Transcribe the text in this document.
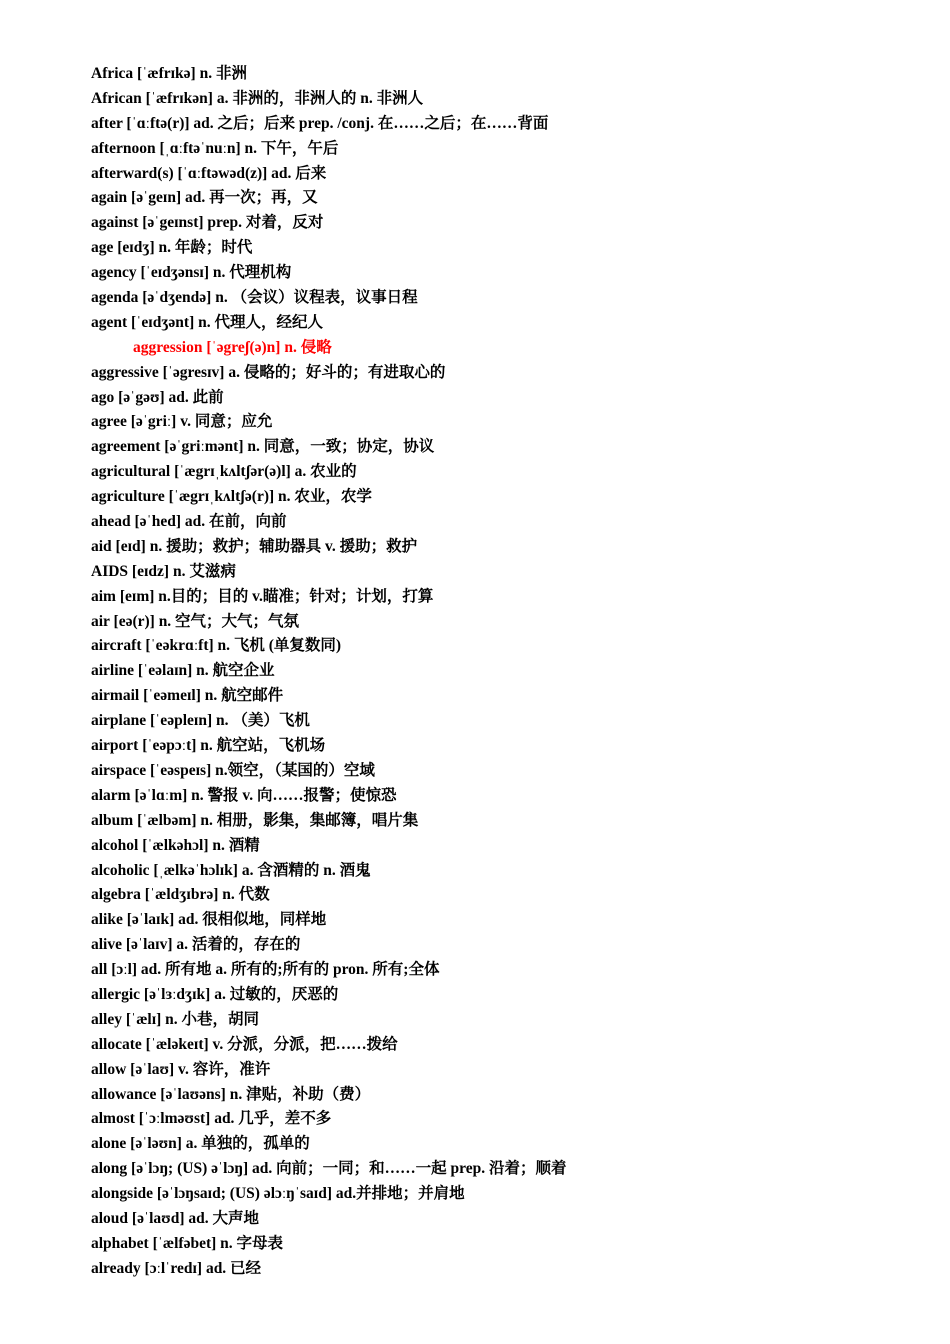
Africa [ˈæfrɪkə] n. 非洲
African [ˈæfrɪkən] a. 非洲的，非洲人的 n. 非洲人
after [ˈɑːftə(r)] ad. 之后；后来 prep. /conj. 在……之后；在……背面
afternoon [ˌɑːftəˈnuːn] n. 下午，午后
afterward(s) [ˈɑːftəwəd(z)] ad. 后来
again [əˈgeɪn] ad. 再一次；再，又
against [əˈgeɪnst] prep. 对着，反对
age [eɪdʒ] n. 年龄；时代
agency [ˈeɪdʒənsɪ] n. 代理机构
agenda [əˈdʒendə] n. （会议）议程表，议事日程
agent [ˈeɪdʒənt] n. 代理人，经纪人
aggression [ˈəgreʃ(ə)n] n. 侵略
aggressive [ˈəgresɪv] a. 侵略的；好斗的；有进取心的
ago [əˈgəʊ] ad. 此前
agree [əˈgriː] v. 同意；应允
agreement [əˈgriːmənt] n. 同意，一致；协定，协议
agricultural [ˈægrɪˌkʌltʃər(ə)l] a. 农业的
agriculture [ˈægrɪˌkʌltʃə(r)] n. 农业，农学
ahead [əˈhed] ad. 在前，向前
aid [eɪd] n. 援助；救护；辅助器具 v. 援助；救护
AIDS [eɪdz] n. 艾滋病
aim [eɪm] n.目的；目的 v.瞄准；针对；计划，打算
air [eə(r)] n. 空气；大气；气氛
aircraft [ˈeəkrɑːft] n. 飞机 (单复数同)
airline [ˈeəlaɪn] n. 航空企业
airmail [ˈeəmeɪl] n. 航空邮件
airplane [ˈeəpleɪn] n. （美）飞机
airport [ˈeəpɔːt] n. 航空站，飞机场
airspace [ˈeəspeɪs] n.领空，（某国的）空域
alarm [əˈlɑːm] n. 警报 v. 向……报警；使惊恐
album [ˈælbəm] n. 相册，影集，集邮簿，唱片集
alcohol [ˈælkəhɔl] n. 酒精
alcoholic [ˌælkəˈhɔlɪk] a. 含酒精的 n. 酒鬼
algebra [ˈældʒɪbrə] n. 代数
alike [əˈlaɪk] ad. 很相似地，同样地
alive [əˈlaɪv] a. 活着的，存在的
all [ɔːl] ad. 所有地 a. 所有的;所有的 pron. 所有;全体
allergic [əˈlɜːdʒɪk] a. 过敏的，厌恶的
alley [ˈælɪ] n. 小巷，胡同
allocate [ˈæləkeɪt] v. 分派，分派，把……拨给
allow [əˈlaʊ] v. 容许，准许
allowance [əˈlaʊəns] n. 津贴，补助（费）
almost [ˈɔːlməʊst] ad. 几乎，差不多
alone [əˈləʊn] a. 单独的，孤单的
along [əˈlɔŋ; (US) əˈlɔŋ] ad. 向前；一同；和……一起 prep. 沿着；顺着
alongside [əˈlɔŋsaɪd; (US) əlɔːŋˈsaɪd] ad.并排地；并肩地
aloud [əˈlaʊd] ad. 大声地
alphabet [ˈælfəbet] n. 字母表
already [ɔːlˈredɪ] ad. 已经
